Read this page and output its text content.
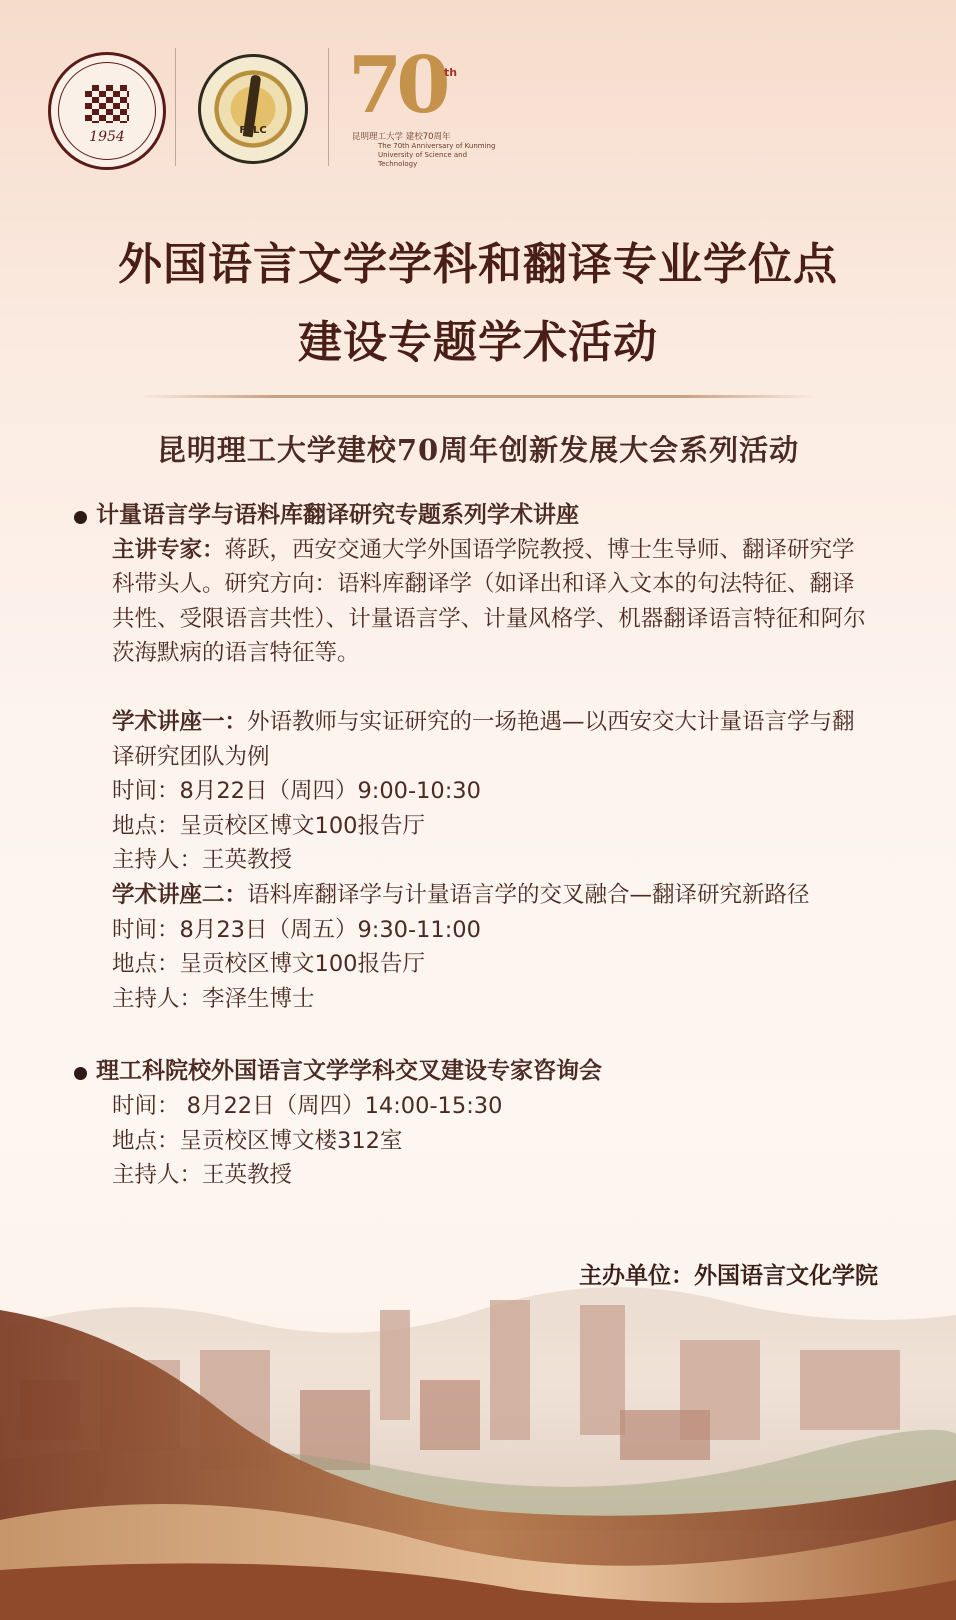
1954	FFLC	70 th
昆明理工大学 建校70周年
The 70th Anniversary of Kunming University of Science and Technology
外国语言文学学科和翻译专业学位点
建设专题学术活动
昆明理工大学建校70周年创新发展大会系列活动
计量语言学与语料库翻译研究专题系列学术讲座

主讲专家：蒋跃，西安交通大学外国语学院教授、博士生导师、翻译研究学科带头人。研究方向：语料库翻译学（如译出和译入文本的句法特征、翻译共性、受限语言共性）、计量语言学、计量风格学、机器翻译语言特征和阿尔茨海默病的语言特征等。

学术讲座一：外语教师与实证研究的一场艳遇—以西安交大计量语言学与翻译研究团队为例

时间：8月22日（周四）9:00-10:30

地点：呈贡校区博文100报告厅

主持人：王英教授

学术讲座二：语料库翻译学与计量语言学的交叉融合—翻译研究新路径

时间：8月23日（周五）9:30-11:00

地点：呈贡校区博文100报告厅

主持人：李泽生博士

理工科院校外国语言文学学科交叉建设专家咨询会

时间： 8月22日（周四）14:00-15:30

地点：呈贡校区博文楼312室

主持人：王英教授

主办单位：外国语言文化学院
